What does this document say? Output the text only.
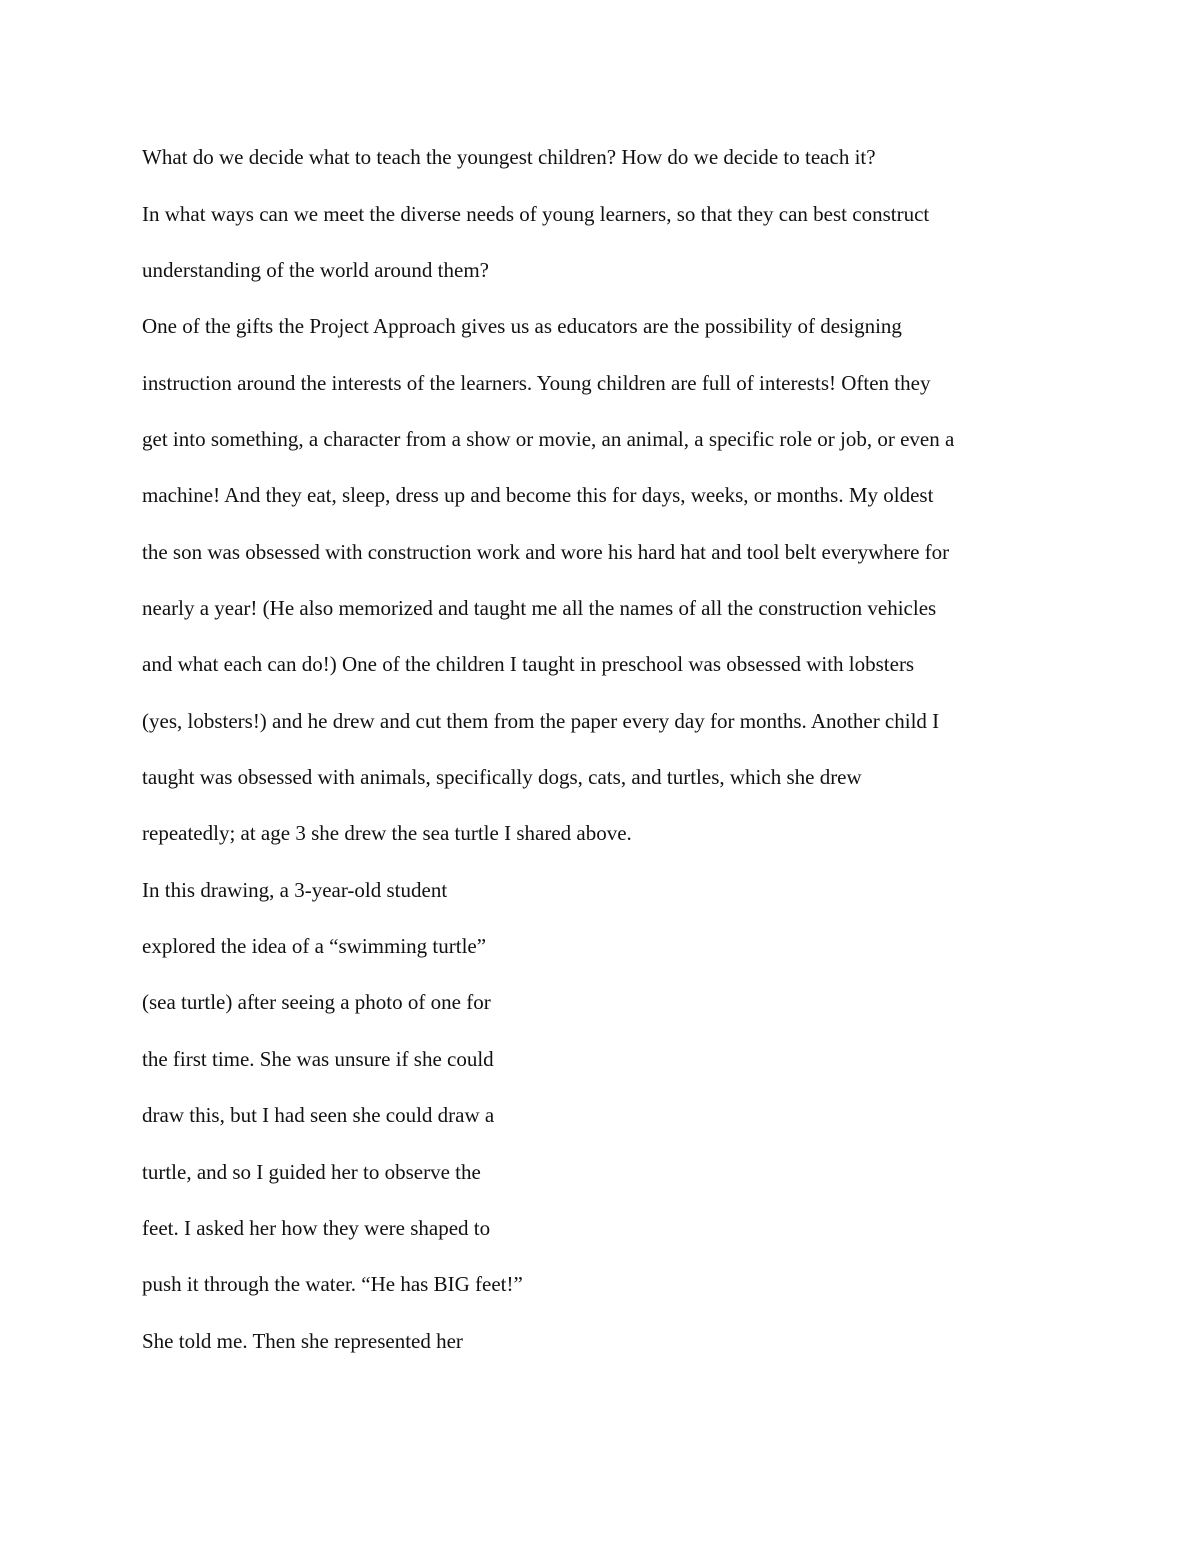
What do we decide what to teach the youngest children? How do we decide to teach it?

In what ways can we meet the diverse needs of young learners, so that they can best construct

understanding of the world around them?

One of the gifts the Project Approach gives us as educators are the possibility of designing

instruction around the interests of the learners. Young children are full of interests! Often they

get into something, a character from a show or movie, an animal, a specific role or job, or even a

machine! And they eat, sleep, dress up and become this for days, weeks, or months. My oldest

the son was obsessed with construction work and wore his hard hat and tool belt everywhere for

nearly a year! (He also memorized and taught me all the names of all the construction vehicles

and what each can do!) One of the children I taught in preschool was obsessed with lobsters

(yes, lobsters!) and he drew and cut them from the paper every day for months. Another child I

taught was obsessed with animals, specifically dogs, cats, and turtles, which she drew

repeatedly; at age 3 she drew the sea turtle I shared above.

In this drawing, a 3-year-old student

explored the idea of a “swimming turtle”

(sea turtle) after seeing a photo of one for

the first time. She was unsure if she could

draw this, but I had seen she could draw a

turtle, and so I guided her to observe the

feet. I asked her how they were shaped to

push it through the water. “He has BIG feet!”

She told me. Then she represented her
